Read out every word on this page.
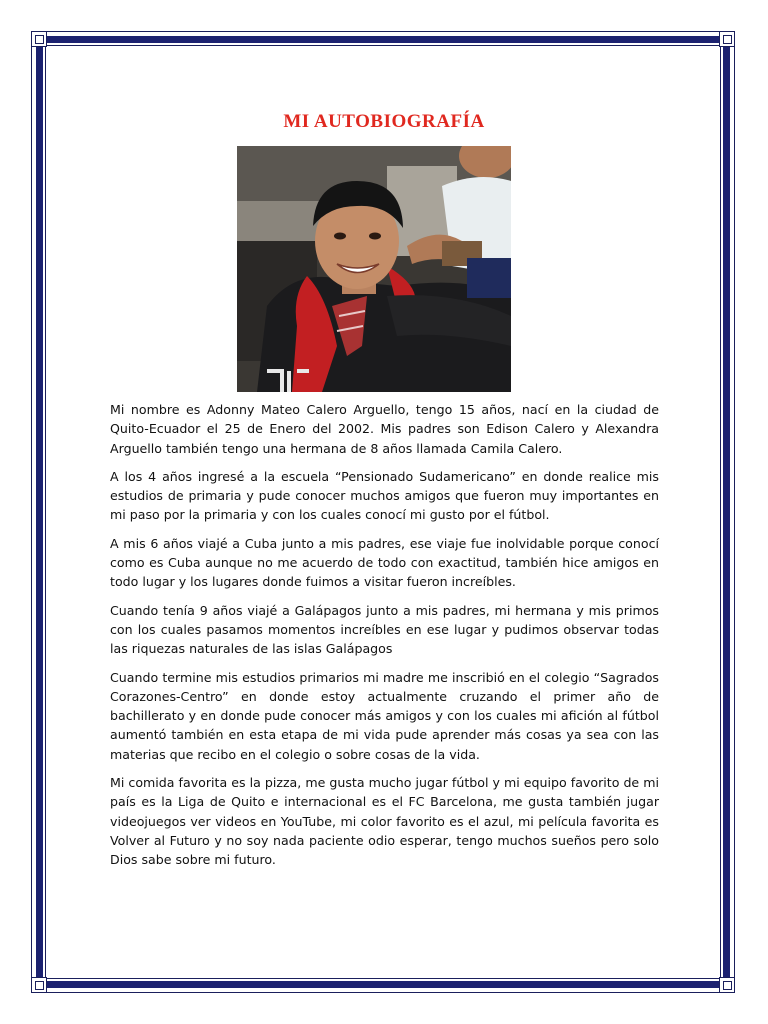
MI AUTOBIOGRAFÍA

Mi nombre es Adonny Mateo Calero Arguello, tengo 15 años, nací en la ciudad de Quito-Ecuador el 25 de Enero del 2002. Mis padres son Edison Calero y Alexandra Arguello también tengo una hermana de 8 años llamada Camila Calero.

A los 4 años ingresé a la escuela “Pensionado Sudamericano” en donde realice mis estudios de primaria y pude conocer muchos amigos que fueron muy importantes en mi paso por la primaria y con los cuales conocí mi gusto por el fútbol.

A mis 6 años viajé a Cuba junto a mis padres, ese viaje fue inolvidable porque conocí como es Cuba aunque no me acuerdo de todo con exactitud, también hice amigos en todo lugar y los lugares donde fuimos a visitar fueron increíbles.

Cuando tenía 9 años viajé a Galápagos junto a mis padres, mi hermana y mis primos con los cuales pasamos momentos increíbles en ese lugar y pudimos observar todas las riquezas naturales de las islas Galápagos

Cuando termine mis estudios primarios mi madre me inscribió en el colegio “Sagrados Corazones-Centro” en donde estoy actualmente cruzando el primer año de bachillerato y en donde pude conocer más amigos y con los cuales mi afición al fútbol aumentó también en esta etapa de mi vida pude aprender más cosas ya sea con las materias que recibo en el colegio o sobre cosas de la vida.

Mi comida favorita es la pizza, me gusta mucho jugar fútbol y mi equipo favorito de mi país es la Liga de Quito e internacional es el FC Barcelona, me gusta también jugar videojuegos ver videos en YouTube, mi color favorito es el azul, mi película favorita es Volver al Futuro y no soy nada paciente odio esperar, tengo muchos sueños pero solo Dios sabe sobre mi futuro.
